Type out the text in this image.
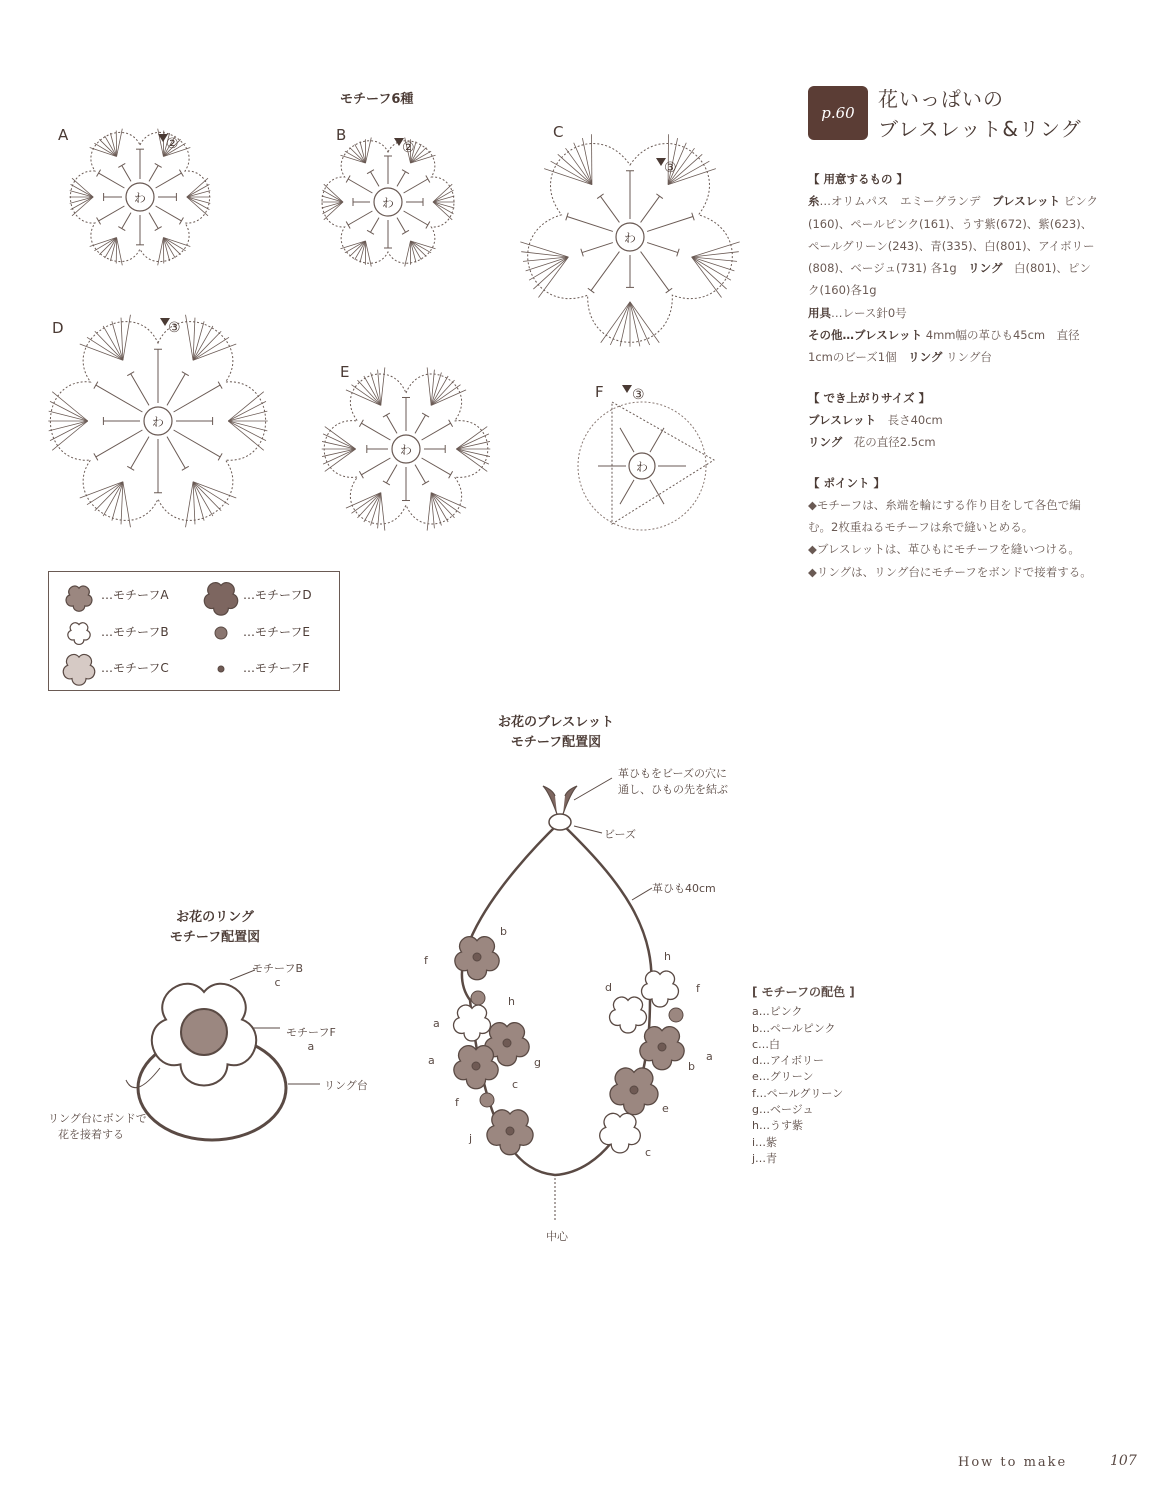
モチーフ6種
A	B	C
D
E
F
わ
②
わ
②
わ
③
わ
③
わ
わ
③
…モチーフA
…モチーフB
…モチーフC
…モチーフD
…モチーフE
…モチーフF
p.60
花いっぱいの
ブレスレット&リング

【 用意するもの 】

糸…オリムパス　エミーグランデ　 ブレスレット ピンク(160)、ペールピンク(161)、うす紫(672)、紫(623)、ペールグリーン(243)、青(335)、白(801)、アイボリー(808)、ベージュ(731) 各1g　 リング　 白(801)、ピンク(160)各1g

用具…レース針0号

その他…ブレスレット 4mm幅の革ひも45cm　直径1cmのビーズ1個　 リング リング台

【 でき上がりサイズ 】

ブレスレット　 長さ40cm

リング　 花の直径2.5cm

【 ポイント 】

◆モチーフは、糸端を輪にする作り目をして各色で編む。2枚重ねるモチーフは糸で縫いとめる。

◆ブレスレットは、革ひもにモチーフを縫いつける。

◆リングは、リング台にモチーフをボンドで接着する。

お花のリング
モチーフ配置図
モチーフB
c
モチーフF
a
リング台
リング台にボンドで
花を接着する
お花のブレスレット
モチーフ配置図
革ひもをビーズの穴に
通し、ひもの先を結ぶ
ビーズ
革ひも40cm
中心
b
f
a
h
a	g
c
f
j
h
d	f
a
b
e
c
[ モチーフの配色 ]
a…ピンク
b…ペールピンク
c…白
d…アイボリー
e…グリーン
f…ペールグリーン
g…ベージュ
h…うす紫
i…紫
j…青
How to make	107
